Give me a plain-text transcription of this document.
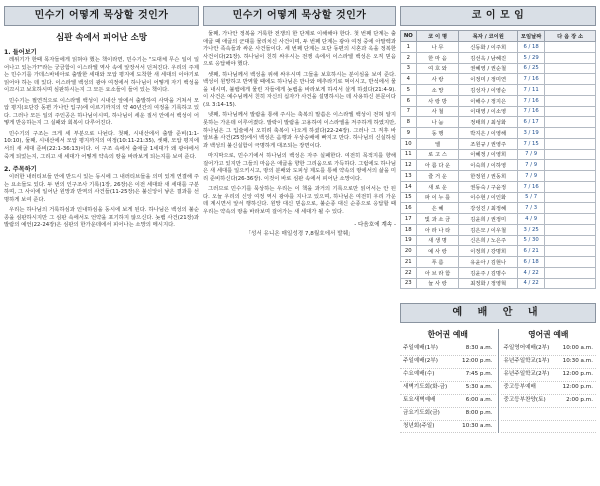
민수기 어떻게 묵상할 것인가
심판 속에서 피어난 소망
1. 들어보기

레위기가 한때 목자들에게 읽혀야 했는 책이라면, 민수기는 "도대체 무슨 일이 일어나고 있는가?"라는 궁금함이 이스라엘 역사 속에 앞장서서 던져진다. 우리의 주제는 민수기를 가데스바네아로 출발한 세대와 모압 평지에 도착한 새 세대의 이야기로 읽어야 하는 데 있다. 이스라엘 백성의 광야 여정에서 하나님이 어떻게 자기 백성을 이끄시고 보호하시며 심판하시는지 그 모든 요소들이 들어 있는 책이다.

민수기는 필연적으로 이스라엘 백성이 시내산 앞에서 출발하여 사막을 거쳐서 모압 평지(요단강 동편 가나안 입구)에 이르기까지의 약 40년간의 여정을 기록하고 있다. 그러나 모든 일의 주인공은 하나님이시며, 하나님이 세운 질서 안에서 백성이 어떻게 반응하는지 그 실패와 회복이 다루어진다.

민수기의 구조는 크게 세 부분으로 나뉜다. 첫째, 시내산에서 출발 준비(1:1-10:10), 둘째, 시내산에서 모압 평지까지의 여정(10:11-21:35), 셋째, 모압 평지에서의 새 세대 준비(22:1-36:13)이다. 이 구조 속에서 출애굽 1세대가 왜 광야에서 죽게 되었는지, 그리고 새 세대가 어떻게 약속의 땅을 바라보게 되는지를 보여 준다.

2. 주목하기

이러한 내러티브들 안에 반드시 있는 동시에 그 내러티브들을 의미 있게 연결해 주는 요소들도 있다. 두 번의 인구조사 기록(1장, 26장)은 이전 세대와 새 세대를 구분하며, 그 사이에 일어난 원망과 반역의 사건들(11-25장)은 불신앙이 낳은 결과를 선명하게 보여 준다.

우리는 하나님의 거룩하심과 인내하심을 동시에 보게 된다. 하나님은 백성의 불순종을 심판하시지만 그 심판 속에서도 언약을 포기하지 않으신다. 놋뱀 사건(21장)과 발람의 예언(22-24장)은 심판의 한가운데에서 피어나는 소망의 메시지다.

민수기 어떻게 묵상할 것인가

둘째, 가나안 정복을 거룩한 전쟁의 한 단계로 이해해야 한다. 첫 번째 단계는 출애굽 때 애굽의 군대를 물리치신 사건이며, 두 번째 단계는 광야 여정 중에 아말렉과 가나안 족속들과 싸운 사건들이다. 세 번째 단계는 요단 동편의 시혼과 옥을 정복한 사건이다(21장). 하나님이 친히 싸우시는 전쟁 속에서 이스라엘 백성은 오직 믿음으로 응답해야 했다.

셋째, 하나님께서 백성을 위해 싸우시며 그들을 보호하시는 분이심을 보여 준다. 백성이 원망하고 반역할 때에도 하나님은 만나와 메추라기로 먹이시고, 반석에서 물을 내시며, 불뱀에게 물린 자들에게 놋뱀을 바라보게 하셔서 살게 하셨다(21:4-9). 이 사건은 예수님께서 친히 자신의 십자가 사건을 설명하시는 데 사용하신 본문이다(요 3:14-15).

넷째, 하나님께서 발람을 통해 주시는 축복의 말씀은 이스라엘 백성이 전혀 알지 못하는 가운데 이루어졌다. 발락이 발람을 고용하여 이스라엘을 저주하게 하였지만, 하나님은 그 입술에서 오히려 축복이 나오게 하셨다(22-24장). 그러나 그 직후 바알브올 사건(25장)에서 백성은 음행과 우상숭배에 빠지고 만다. 하나님의 신실하심과 백성의 불신실함이 극명하게 대조되는 장면이다.

마지막으로, 민수기에서 하나님의 백성은 자주 실패한다. 여전히 목적지를 향해 걸어가고 있지만 그들의 마음은 애굽을 향한 그리움으로 가득하다. 그럼에도 하나님은 새 세대를 일으키시고, 땅의 분배와 도피성 제도를 통해 약속의 땅에서의 삶을 미리 준비하신다(26-36장). 이것이 바로 심판 속에서 피어난 소망이다.

그러므로 민수기를 묵상하는 우리는 이 책을 과거의 기록으로만 읽어서는 안 된다. 오늘 우리의 신앙 여정 역시 광야를 지나고 있으며, 하나님은 여전히 우리 가운데 계시면서 앞서 행하신다. 원망 대신 믿음으로, 불순종 대신 순종으로 응답할 때 우리는 약속의 땅을 바라보며 걸어가는 새 세대가 될 수 있다.

- 다음호에 계속 -
「성서 유니온 매일성경 7,8월호에서 발췌」
코 이 모 임
NO	코 이 명	목자 / 코이원	모임날짜	다 음 장 소
1	나 무	신동화 / 이주희	6 / 18	
2	한 마 음	김선옥 / 남혜진	5 / 29	
3	여 호 와	권혜영 / 권순철	6 / 25	
4	사 랑	이정미 / 정미연	7 / 16	
5	소 망	김성자 / 이영순	7 / 11	
6	사 랑 방	이해수 / 정지은	7 / 16	
7	사 철	이대영 / 이소영	7 / 16	
8	나 눔	정태희 / 최성화	6 / 17	
9	동 행	박지은 / 이영해	3 / 19	
10	엘	조원규 / 권영주	7 / 15	
11	로 고 스	이혜정 / 이영희	7 / 9	
12	아 름 다 운	이숙희 / 이하영	7 / 9	
13	즐 거 운	한정원 / 권동희	7 / 9	
14	새 로 운	권동숙 / 구윤정	7 / 16	
15	파 이 누 를	이수현 / 이인화	5 / 7	
16	은 혜	강성진 / 최정혜	7 / 3	
17	빛 과 소 금	김윤희 / 권정미	4 / 9	
18	아 라 나 타	김은모 / 이우철	3 / 25	
19	새 생 명	신은희 / 노은주	5 / 30	
20	예 사 랑	이정희 / 강명희	6 / 21	
21	푸 름	유윤아 / 김현나	6 / 18	
22	아 브 라 함	김윤주 / 김명수	4 / 22	
23	늘 사 랑	최정화 / 정영혁	4 / 22	
예 배 안 내
한어권 예배
주일예배(1부)	8:30 a.m.
주일예배(2부)	12:00 p.m.
수요예배(수)	7:45 p.m.
새벽기도회(화-금)	5:30 a.m.
토요새벽예배	6:00 a.m.
금요기도회(금)	8:00 p.m.
청년회(주일)	10:30 a.m.
영어권 예배
주일영어예배(2부) 10:00 a.m.
유년주일학교(1부) 10:30 a.m.
유년주일학교(2부) 12:00 p.m.
중고등부예배	12:00 p.m.
중고등부찬양(토)	2:00 p.m.
